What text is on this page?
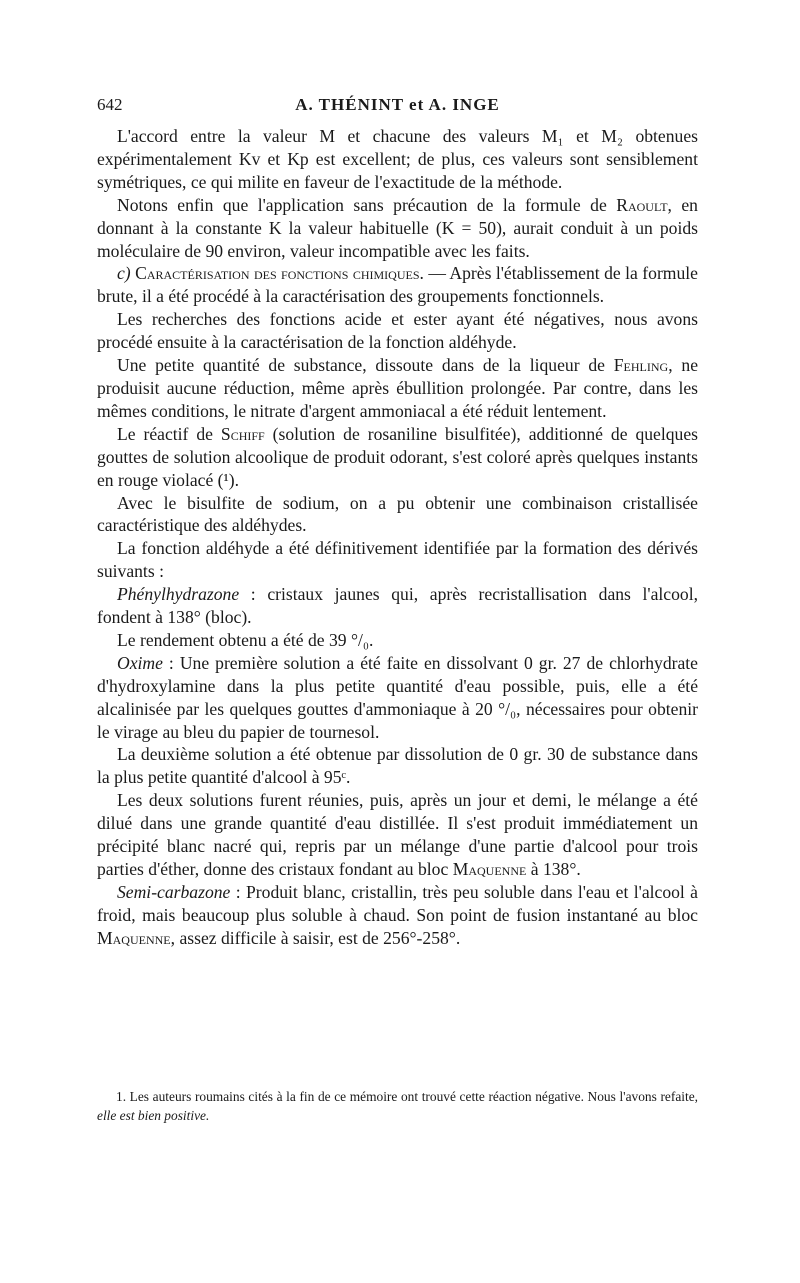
642	A. THÉNINT et A. INGE

L'accord entre la valeur M et chacune des valeurs M₁ et M₂ obtenues expérimentalement Kv et Kp est excellent; de plus, ces valeurs sont sensiblement symétriques, ce qui milite en faveur de l'exactitude de la méthode.

Notons enfin que l'application sans précaution de la formule de Raoult, en donnant à la constante K la valeur habituelle (K = 50), aurait conduit à un poids moléculaire de 90 environ, valeur incompatible avec les faits.

c) Caractérisation des fonctions chimiques. — Après l'établissement de la formule brute, il a été procédé à la caractérisation des groupements fonctionnels.

Les recherches des fonctions acide et ester ayant été négatives, nous avons procédé ensuite à la caractérisation de la fonction aldéhyde.

Une petite quantité de substance, dissoute dans de la liqueur de Fehling, ne produisit aucune réduction, même après ébullition prolongée. Par contre, dans les mêmes conditions, le nitrate d'argent ammoniacal a été réduit lentement.

Le réactif de Schiff (solution de rosaniline bisulfitée), additionné de quelques gouttes de solution alcoolique de produit odorant, s'est coloré après quelques instants en rouge violacé (¹).

Avec le bisulfite de sodium, on a pu obtenir une combinaison cristallisée caractéristique des aldéhydes.

La fonction aldéhyde a été définitivement identifiée par la formation des dérivés suivants :

Phénylhydrazone : cristaux jaunes qui, après recristallisation dans l'alcool, fondent à 138° (bloc).

Le rendement obtenu a été de 39 °/₀.

Oxime : Une première solution a été faite en dissolvant 0 gr. 27 de chlorhydrate d'hydroxylamine dans la plus petite quantité d'eau possible, puis, elle a été alcalinisée par les quelques gouttes d'ammoniaque à 20 °/₀, nécessaires pour obtenir le virage au bleu du papier de tournesol.

La deuxième solution a été obtenue par dissolution de 0 gr. 30 de substance dans la plus petite quantité d'alcool à 95ᶜ.

Les deux solutions furent réunies, puis, après un jour et demi, le mélange a été dilué dans une grande quantité d'eau distillée. Il s'est produit immédiatement un précipité blanc nacré qui, repris par un mélange d'une partie d'alcool pour trois parties d'éther, donne des cristaux fondant au bloc Maquenne à 138°.

Semi-carbazone : Produit blanc, cristallin, très peu soluble dans l'eau et l'alcool à froid, mais beaucoup plus soluble à chaud. Son point de fusion instantané au bloc Maquenne, assez difficile à saisir, est de 256°-258°.

1. Les auteurs roumains cités à la fin de ce mémoire ont trouvé cette réaction négative. Nous l'avons refaite, elle est bien positive.
